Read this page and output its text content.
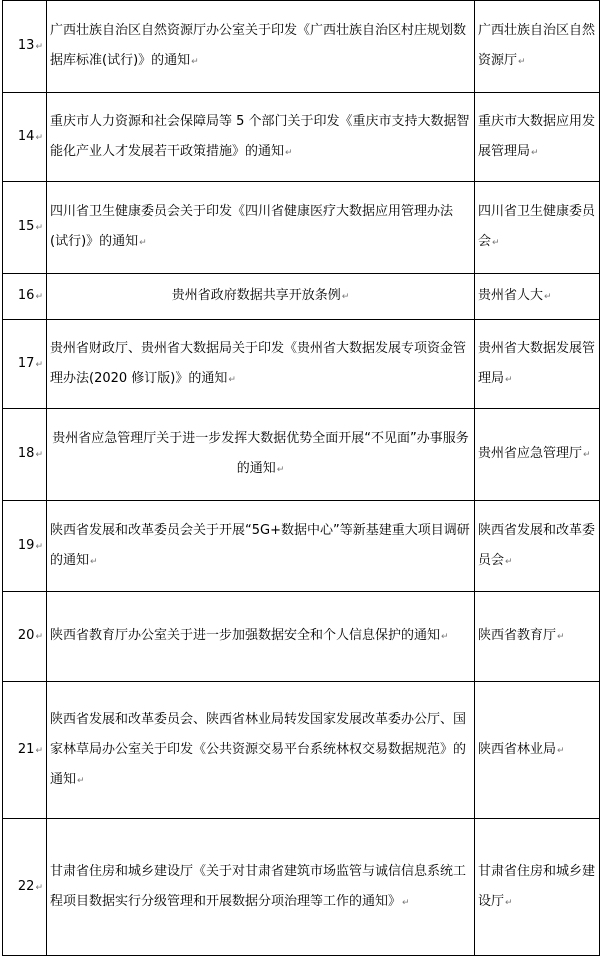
13↵	广西壮族自治区自然资源厅办公室关于印发《广西壮族自治区村庄规划数据库标准(试行)》的通知↵	广西壮族自治区自然资源厅↵
14↵	重庆市人力资源和社会保障局等 5 个部门关于印发《重庆市支持大数据智能化产业人才发展若干政策措施》的通知↵	重庆市大数据应用发展管理局↵
15↵	四川省卫生健康委员会关于印发《四川省健康医疗大数据应用管理办法(试行)》的通知↵	四川省卫生健康委员会↵
16↵	贵州省政府数据共享开放条例↵	贵州省人大↵
17↵	贵州省财政厅、贵州省大数据局关于印发《贵州省大数据发展专项资金管理办法(2020 修订版)》的通知↵	贵州省大数据发展管理局↵
18↵	贵州省应急管理厅关于进一步发挥大数据优势全面开展“不见面”办事服务的通知↵	贵州省应急管理厅↵
19↵	陕西省发展和改革委员会关于开展“5G+数据中心”等新基建重大项目调研的通知↵	陕西省发展和改革委员会↵
20↵	陕西省教育厅办公室关于进一步加强数据安全和个人信息保护的通知↵	陕西省教育厅↵
21↵	陕西省发展和改革委员会、陕西省林业局转发国家发展改革委办公厅、国家林草局办公室关于印发《公共资源交易平台系统林权交易数据规范》的通知↵	陕西省林业局↵
22↵	甘肃省住房和城乡建设厅《关于对甘肃省建筑市场监管与诚信信息系统工程项目数据实行分级管理和开展数据分项治理等工作的通知》↵	甘肃省住房和城乡建设厅↵
